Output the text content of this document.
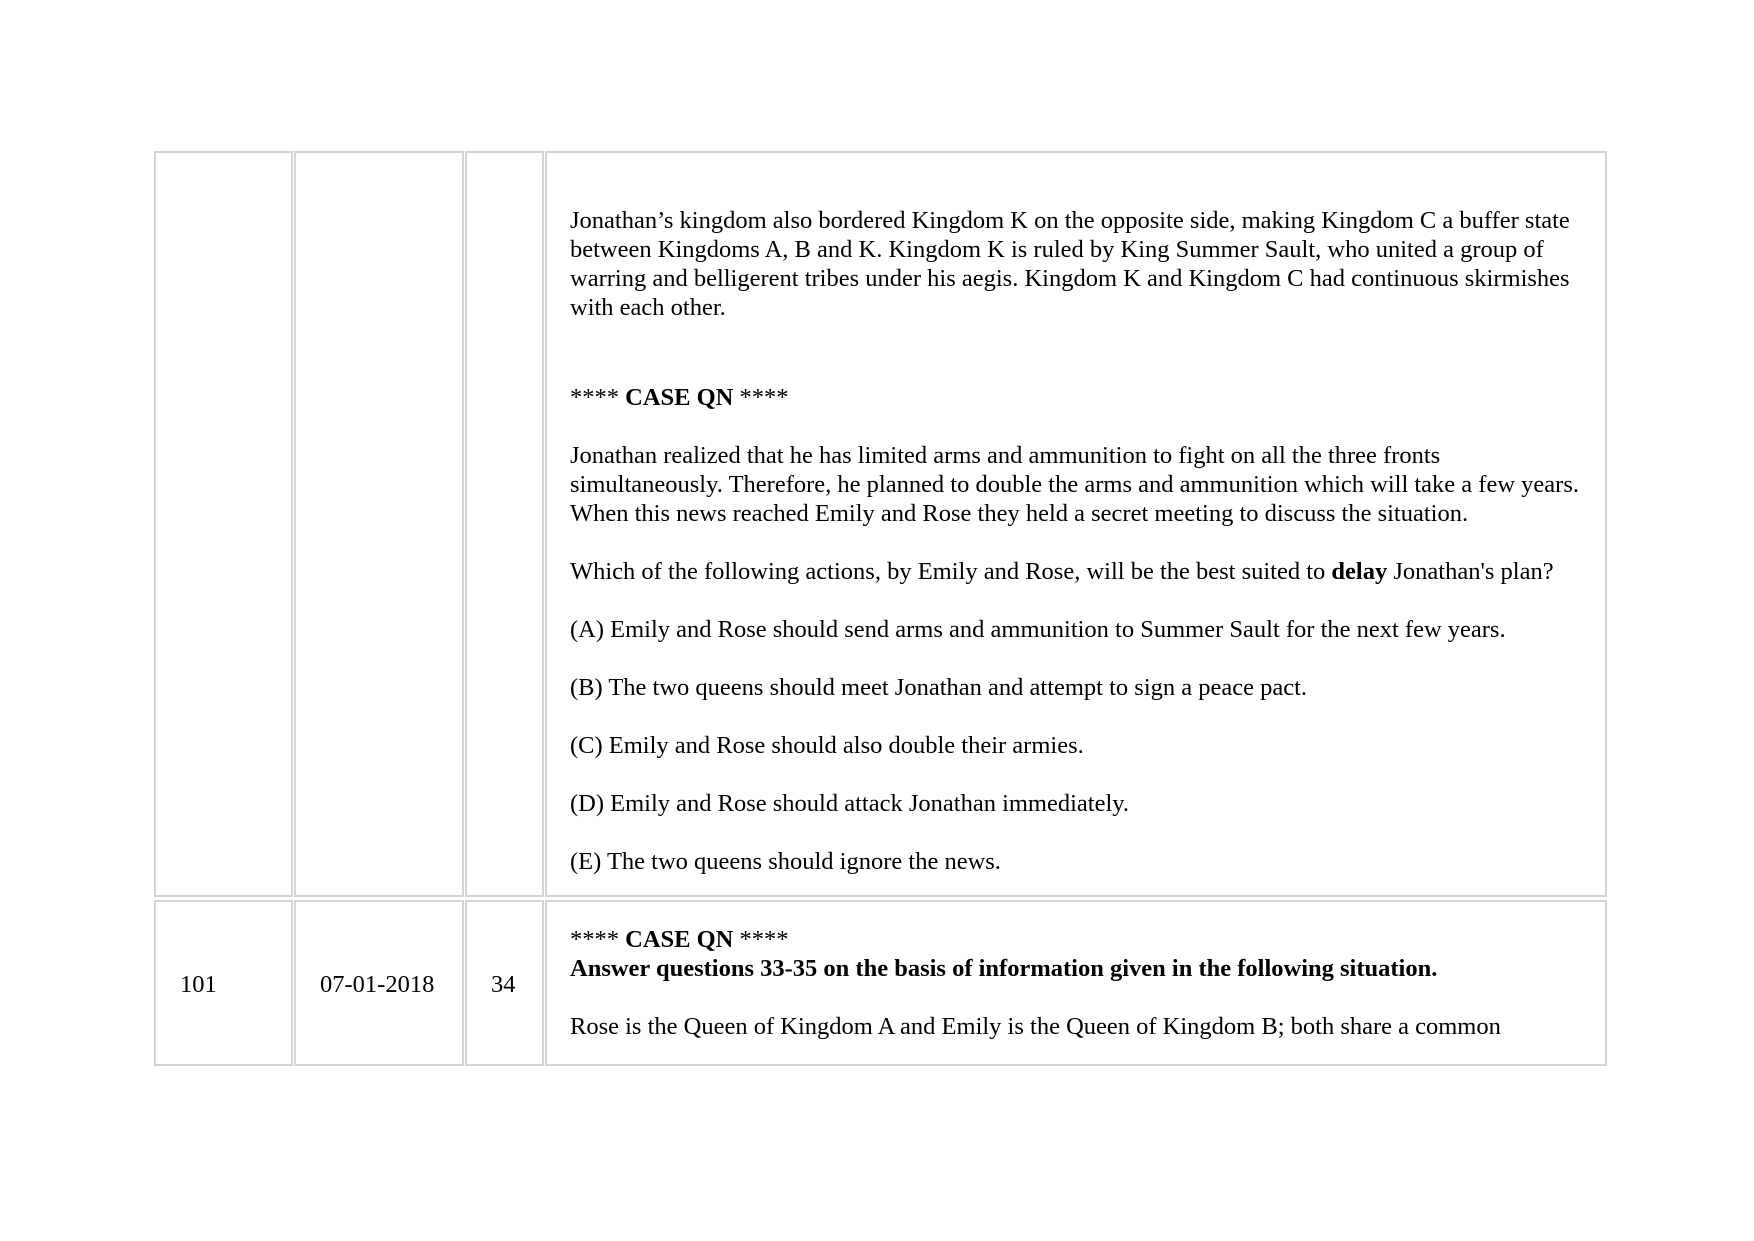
Jonathan’s kingdom also bordered Kingdom K on the opposite side, making Kingdom C a buffer state between Kingdoms A, B and K. Kingdom K is ruled by King Summer Sault, who united a group of warring and belligerent tribes under his aegis. Kingdom K and Kingdom C had continuous skirmishes with each other.

**** CASE QN ****

Jonathan realized that he has limited arms and ammunition to fight on all the three fronts simultaneously. Therefore, he planned to double the arms and ammunition which will take a few years. When this news reached Emily and Rose they held a secret meeting to discuss the situation.

Which of the following actions, by Emily and Rose, will be the best suited to delay Jonathan's plan?

(A) Emily and Rose should send arms and ammunition to Summer Sault for the next few years.

(B) The two queens should meet Jonathan and attempt to sign a peace pact.

(C) Emily and Rose should also double their armies.

(D) Emily and Rose should attack Jonathan immediately.

(E) The two queens should ignore the news.

101	07-01-2018 34

**** CASE QN ****

Answer questions 33-35 on the basis of information given in the following situation.

Rose is the Queen of Kingdom A and Emily is the Queen of Kingdom B; both share a common
